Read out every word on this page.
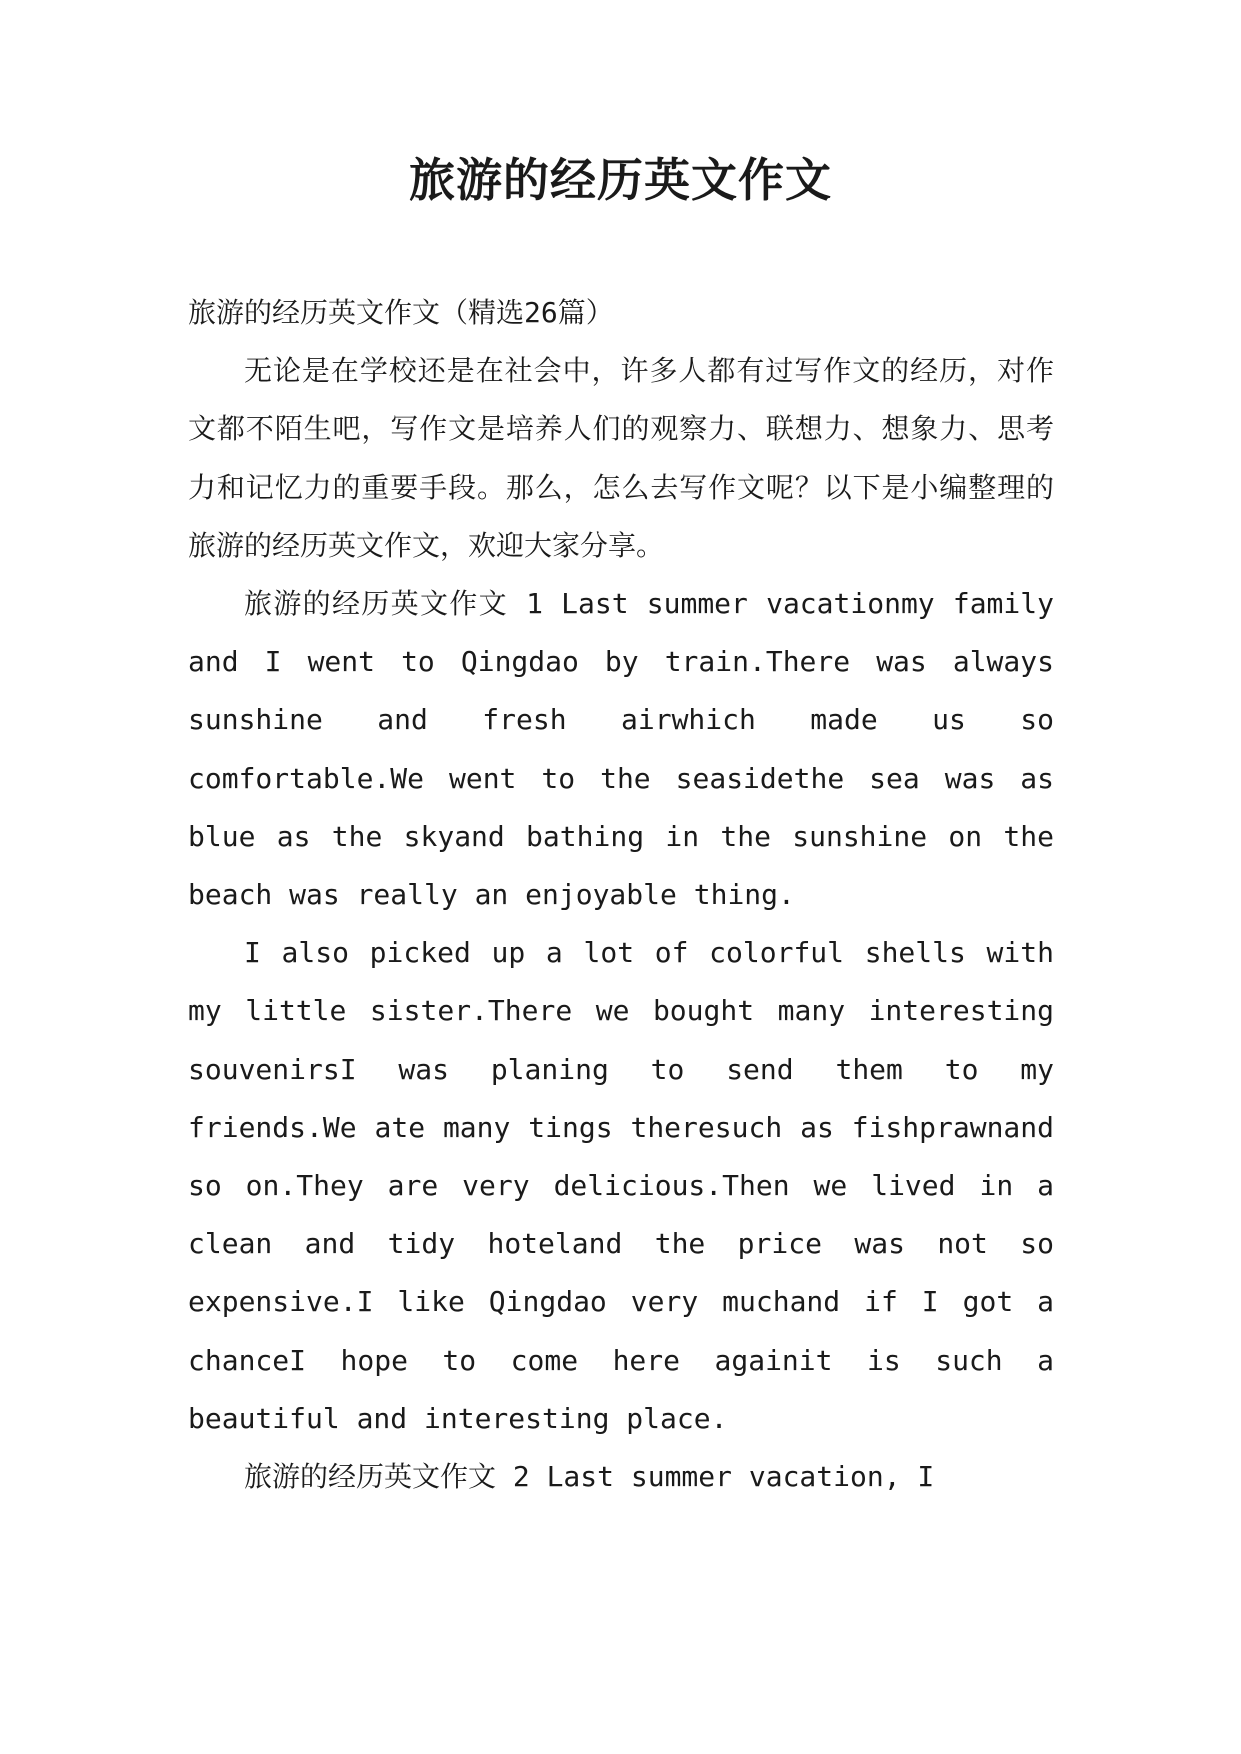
旅游的经历英文作文

旅游的经历英文作文（精选26篇）

无论是在学校还是在社会中，许多人都有过写作文的经历，对作文都不陌生吧，写作文是培养人们的观察力、联想力、想象力、思考力和记忆力的重要手段。那么，怎么去写作文呢？以下是小编整理的旅游的经历英文作文，欢迎大家分享。

旅游的经历英文作文 1 Last summer vacationmy family and I went to Qingdao by train.There was always sunshine and fresh airwhich made us so comfortable.We went to the seasidethe sea was as blue as the skyand bathing in the sunshine on the beach was really an enjoyable thing.

I also picked up a lot of colorful shells with my little sister.There we bought many interesting souvenirsI was planing to send them to my friends.We ate many tings theresuch as fishprawnand so on.They are very delicious.Then we lived in a clean and tidy hoteland the price was not so expensive.I like Qingdao very muchand if I got a chanceI hope to come here againit is such a beautiful and interesting place.

旅游的经历英文作文 2 Last summer vacation, I
